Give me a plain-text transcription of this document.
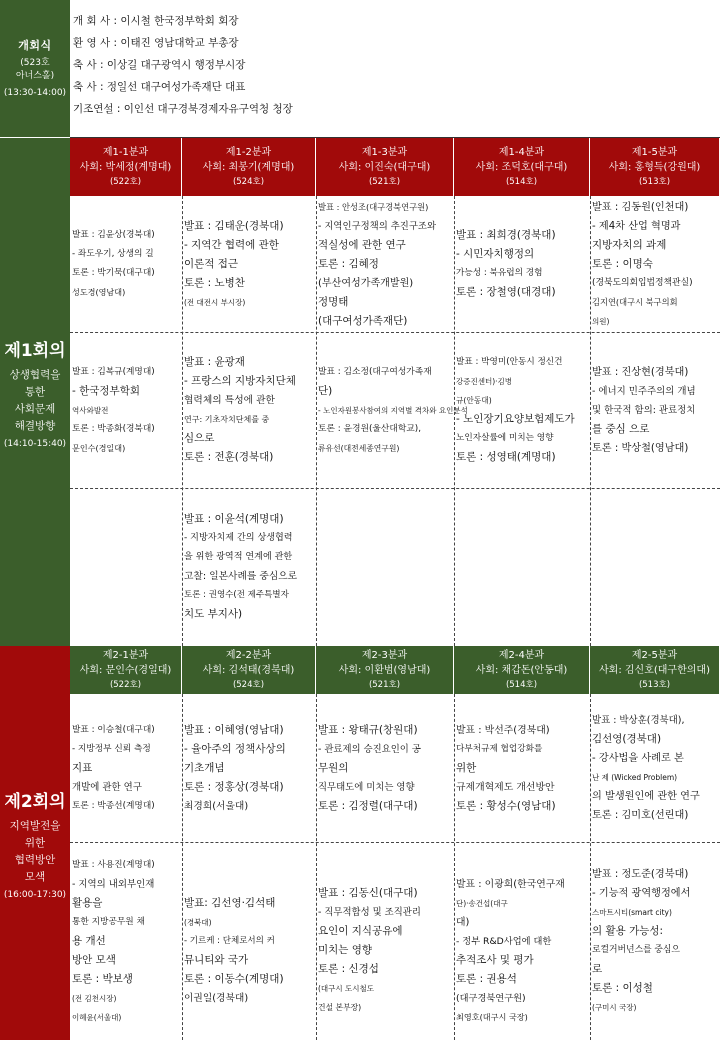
개회식
(523호
아너스홀)
(13:30-14:00)
개 회 사 : 이시철 한국정부학회 회장
환 영 사 : 이태진 영남대학교 부총장
축 사 : 이상길 대구광역시 행정부시장
축 사 : 정일선 대구여성가족재단 대표
기조연설 : 이인선 대구경북경제자유구역청 청장
제1회의
상생협력을
통한
사회문제
해결방향
(14:10-15:40)
제2회의
지역발전을
위한
협력방안
모색
(16:00-17:30)
제1-1분과
사회: 박세정(계명대)
(522호)
제1-2분과
사회: 최봉기(계명대)
(524호)
제1-3분과
사회: 이진숙(대구대)
(521호)
제1-4분과
사회: 조덕호(대구대)
(514호)
제1-5분과
사회: 홍형득(강원대)
(513호)
발표 : 김윤상(경북대)
- 좌도우기, 상생의 길
토론 : 박기묵(대구대)
성도경(영남대)
발표 : 김태운(경북대)
- 지역간 협력에 관한
이론적 접근
토론 : 노병찬
(전 대전시 부시장)
발표 : 안성조(대구경북연구원)
- 지역인구정책의 추진구조와
적실성에 관한 연구
토론 : 김혜정
(부산여성가족개발원)
정명태
(대구여성가족재단)
발표 : 최희경(경북대)
- 시민자치행정의
가능성 : 북유럽의 경험
토론 : 장철영(대경대)
발표 : 김동원(인천대)
- 제4차 산업 혁명과
지방자치의 과제
토론 : 이명숙
(경북도의회입법정책관실)
김지연(대구시 북구의회
의원)
발표 : 김복규(계명대)
- 한국정부학회
역사와발전
토론 : 박종화(경북대)
문인수(경일대)
발표 : 윤광재
- 프랑스의 지방자치단체
협력체의 특성에 관한
연구: 기초자치단체를 중
심으로
토론 : 전훈(경북대)
발표 : 김소정(대구여성가족재
단)
- 노인자원봉사참여의 지역별 격차와 요인분석
토론 : 윤경원(울산대학교),
류유선(대전세종연구원)
발표 : 박영미(안동시 정신건
강증진센터)·김병
규(안동대)
- 노인장기요양보험제도가
노인자살률에 미치는 영향
토론 : 성영태(계명대)
발표 : 진상현(경북대)
- 에너지 민주주의의 개념
및 한국적 함의: 관료정치
를 중심 으로
토론 : 박상철(영남대)
발표 : 이윤석(계명대)
- 지방자치제 간의 상생협력
을 위한 광역적 연계에 관한
고찰: 일본사례를 중심으로
토론 : 권영수(전 제주특별자
치도 부지사)
제2-1분과
사회: 문인수(경일대)
(522호)
제2-2분과
사회: 김석태(경북대)
(524호)
제2-3분과
사회: 이환범(영남대)
(521호)
제2-4분과
사회: 채갑돈(안동대)
(514호)
제2-5분과
사회: 김신호(대구한의대)
(513호)
발표 : 이승철(대구대)
- 지방정부 신뢰 측정
지표
개발에 관한 연구
토론 : 박종선(계명대)
발표 : 이혜영(영남대)
- 율아주의 정책사상의
기초개념
토론 : 정홍상(경북대)
최경희(서울대)
발표 : 왕태규(창원대)
- 관료제의 승진요인이 공
무원의
직무태도에 미치는 영향
토론 : 김정렬(대구대)
발표 : 박선주(경북대)
다부처규제 협업강화를
위한
규제개혁제도 개선방안
토론 : 황성수(영남대)
발표 : 박상훈(경북대),
김선영(경북대)
- 강사법을 사례로 본
난 제 (Wicked Problem)
의 발생원인에 관한 연구
토론 : 김미호(선린대)
발표 : 사용진(계명대)
- 지역의 내외부인재
활용을
통한 지방공무원 채
용 개선
방안 모색
토론 : 박보생
(전 김천시장)
이혜윤(서울대)

발표: 김선영·김석태
(경북대)
- 기르케 : 단체로서의 커
뮤니티와 국가
토론 : 이동수(계명대)
이권일(경북대)

발표 : 김동신(대구대)
- 직무적합성 및 조직관리
요인이 지식공유에
미치는 영향
토론 : 신경섭
(대구시 도시철도
건설 본부장)

발표 : 이광희(한국연구재
단)·송건섭(대구
대)
- 정부 R&D사업에 대한
추적조사 및 평가
토론 : 권용석
(대구경북연구원)
최영호(대구시 국장)
발표 : 정도준(경북대)
- 기능적 광역행정에서
스마트시티(smart city)
의 활용 가능성:
로컬거버넌스를 중심으
로
토론 : 이성철
(구미시 국장)
